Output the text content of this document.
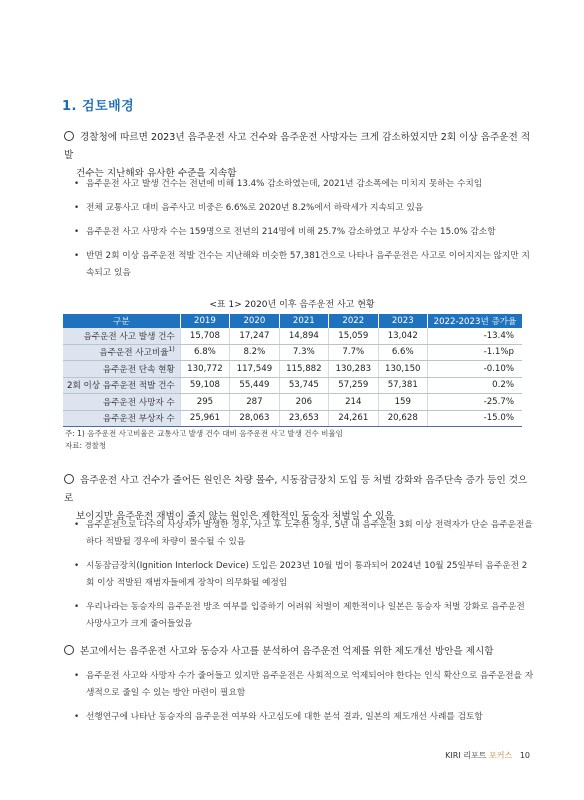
1. 검토배경
경찰청에 따르면 2023년 음주운전 사고 건수와 음주운전 사망자는 크게 감소하였지만 2회 이상 음주운전 적발
건수는 지난해와 유사한 수준을 지속함
• 음주운전 사고 발생 건수는 전년에 비해 13.4% 감소하였는데, 2021년 감소폭에는 미치지 못하는 수치임
• 전체 교통사고 대비 음주사고 비중은 6.6%로 2020년 8.2%에서 하락세가 지속되고 있음
• 음주운전 사고 사망자 수는 159명으로 전년의 214명에 비해 25.7% 감소하였고 부상자 수는 15.0% 감소함
• 반면 2회 이상 음주운전 적발 건수는 지난해와 비슷한 57,381건으로 나타나 음주운전은 사고로 이어지지는 않지만 지속되고 있음
<표 1> 2020년 이후 음주운전 사고 현황
구분	2019	2020	2021	2022	2023	2022-2023년 증가율
음주운전 사고 발생 건수	15,708	17,247	14,894	15,059	13,042	-13.4%
음주운전 사고비율$^{1)}$	6.8%	8.2%	7.3%	7.7%	6.6%	-1.1%p
음주운전 단속 현황	130,772	117,549	115,882	130,283	130,150	-0.10%
2회 이상 음주운전 적발 건수	59,108	55,449	53,745	57,259	57,381	0.2%
음주운전 사망자 수	295	287	206	214	159	-25.7%
음주운전 부상자 수	25,961	28,063	23,653	24,261	20,628	-15.0%
주: 1) 음주운전 사고비율은 교통사고 발생 건수 대비 음주운전 사고 발생 건수 비율임
자료: 경찰청
음주운전 사고 건수가 줄어든 원인은 차량 몰수, 시동잠금장치 도입 등 처벌 강화와 음주단속 증가 등인 것으로
보이지만 음주운전 재범이 줄지 않는 원인은 제한적인 동승자 처벌일 수 있음
• 음주운전으로 다수의 사상자가 발생한 경우, 사고 후 도주한 경우, 5년 내 음주운전 3회 이상 전력자가 단순 음주운전을 하다 적발될 경우에 차량이 몰수될 수 있음
• 시동잠금장치(Ignition Interlock Device) 도입은 2023년 10월 법이 통과되어 2024년 10월 25일부터 음주운전 2회 이상 적발된 재범자들에게 장착이 의무화될 예정임
• 우리나라는 동승자의 음주운전 방조 여부를 입증하기 어려워 처벌이 제한적이나 일본은 동승자 처벌 강화로 음주운전 사망사고가 크게 줄어들었음
본고에서는 음주운전 사고와 동승자 사고를 분석하여 음주운전 억제를 위한 제도개선 방안을 제시함
• 음주운전 사고와 사망자 수가 줄어들고 있지만 음주운전은 사회적으로 억제되어야 한다는 인식 확산으로 음주운전을 자생적으로 줄일 수 있는 방안 마련이 필요함
• 선행연구에 나타난 동승자의 음주운전 여부와 사고심도에 대한 분석 결과, 일본의 제도개선 사례를 검토함
KIRI 리포트 포커스 10
